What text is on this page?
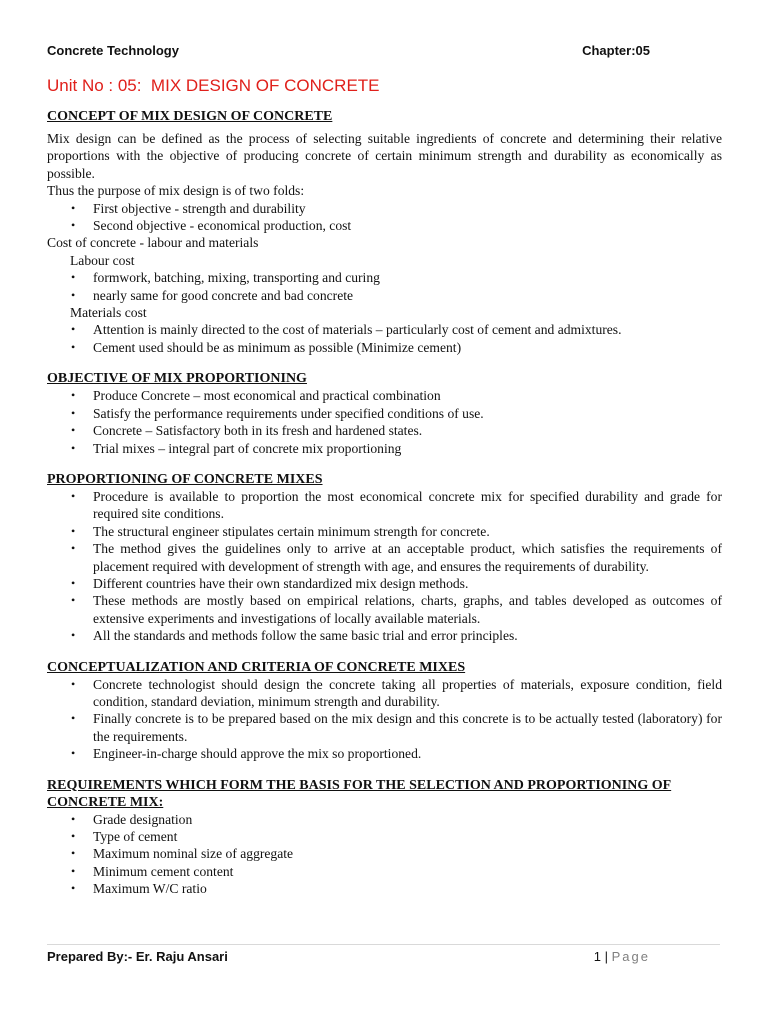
Concrete Technology	Chapter:05
Unit No : 05:  MIX DESIGN OF CONCRETE
CONCEPT OF MIX DESIGN OF CONCRETE

Mix design can be defined as the process of selecting suitable ingredients of concrete and determining their relative proportions with the objective of producing concrete of certain minimum strength and durability as economically as possible.

Thus the purpose of mix design is of two folds:

• First objective - strength and durability
• Second objective - economical production, cost

Cost of concrete - labour and materials

Labour cost

• formwork, batching, mixing, transporting and curing
• nearly same for good concrete and bad concrete

Materials cost

• Attention is mainly directed to the cost of materials – particularly cost of cement and admixtures.
• Cement used should be as minimum as possible (Minimize cement)
OBJECTIVE OF MIX PROPORTIONING
• Produce Concrete – most economical and practical combination
• Satisfy the performance requirements under specified conditions of use.
• Concrete – Satisfactory both in its fresh and hardened states.
• Trial mixes – integral part of concrete mix proportioning
PROPORTIONING OF CONCRETE MIXES
• Procedure is available to proportion the most economical concrete mix for specified durability and grade for required site conditions.
• The structural engineer stipulates certain minimum strength for concrete.
• The method gives the guidelines only to arrive at an acceptable product, which satisfies the requirements of placement required with development of strength with age, and ensures the requirements of durability.
• Different countries have their own standardized mix design methods.
• These methods are mostly based on empirical relations, charts, graphs, and tables developed as outcomes of extensive experiments and investigations of locally available materials.
• All the standards and methods follow the same basic trial and error principles.
CONCEPTUALIZATION AND CRITERIA OF CONCRETE MIXES
• Concrete technologist should design the concrete taking all properties of materials, exposure condition, field condition, standard deviation, minimum strength and durability.
• Finally concrete is to be prepared based on the mix design and this concrete is to be actually tested (laboratory) for the requirements.
• Engineer-in-charge should approve the mix so proportioned.
REQUIREMENTS WHICH FORM THE BASIS FOR THE SELECTION AND PROPORTIONING OF CONCRETE MIX:
• Grade designation
• Type of cement
• Maximum nominal size of aggregate
• Minimum cement content
• Maximum W/C ratio
Prepared By:- Er. Raju Ansari	1 | Page
